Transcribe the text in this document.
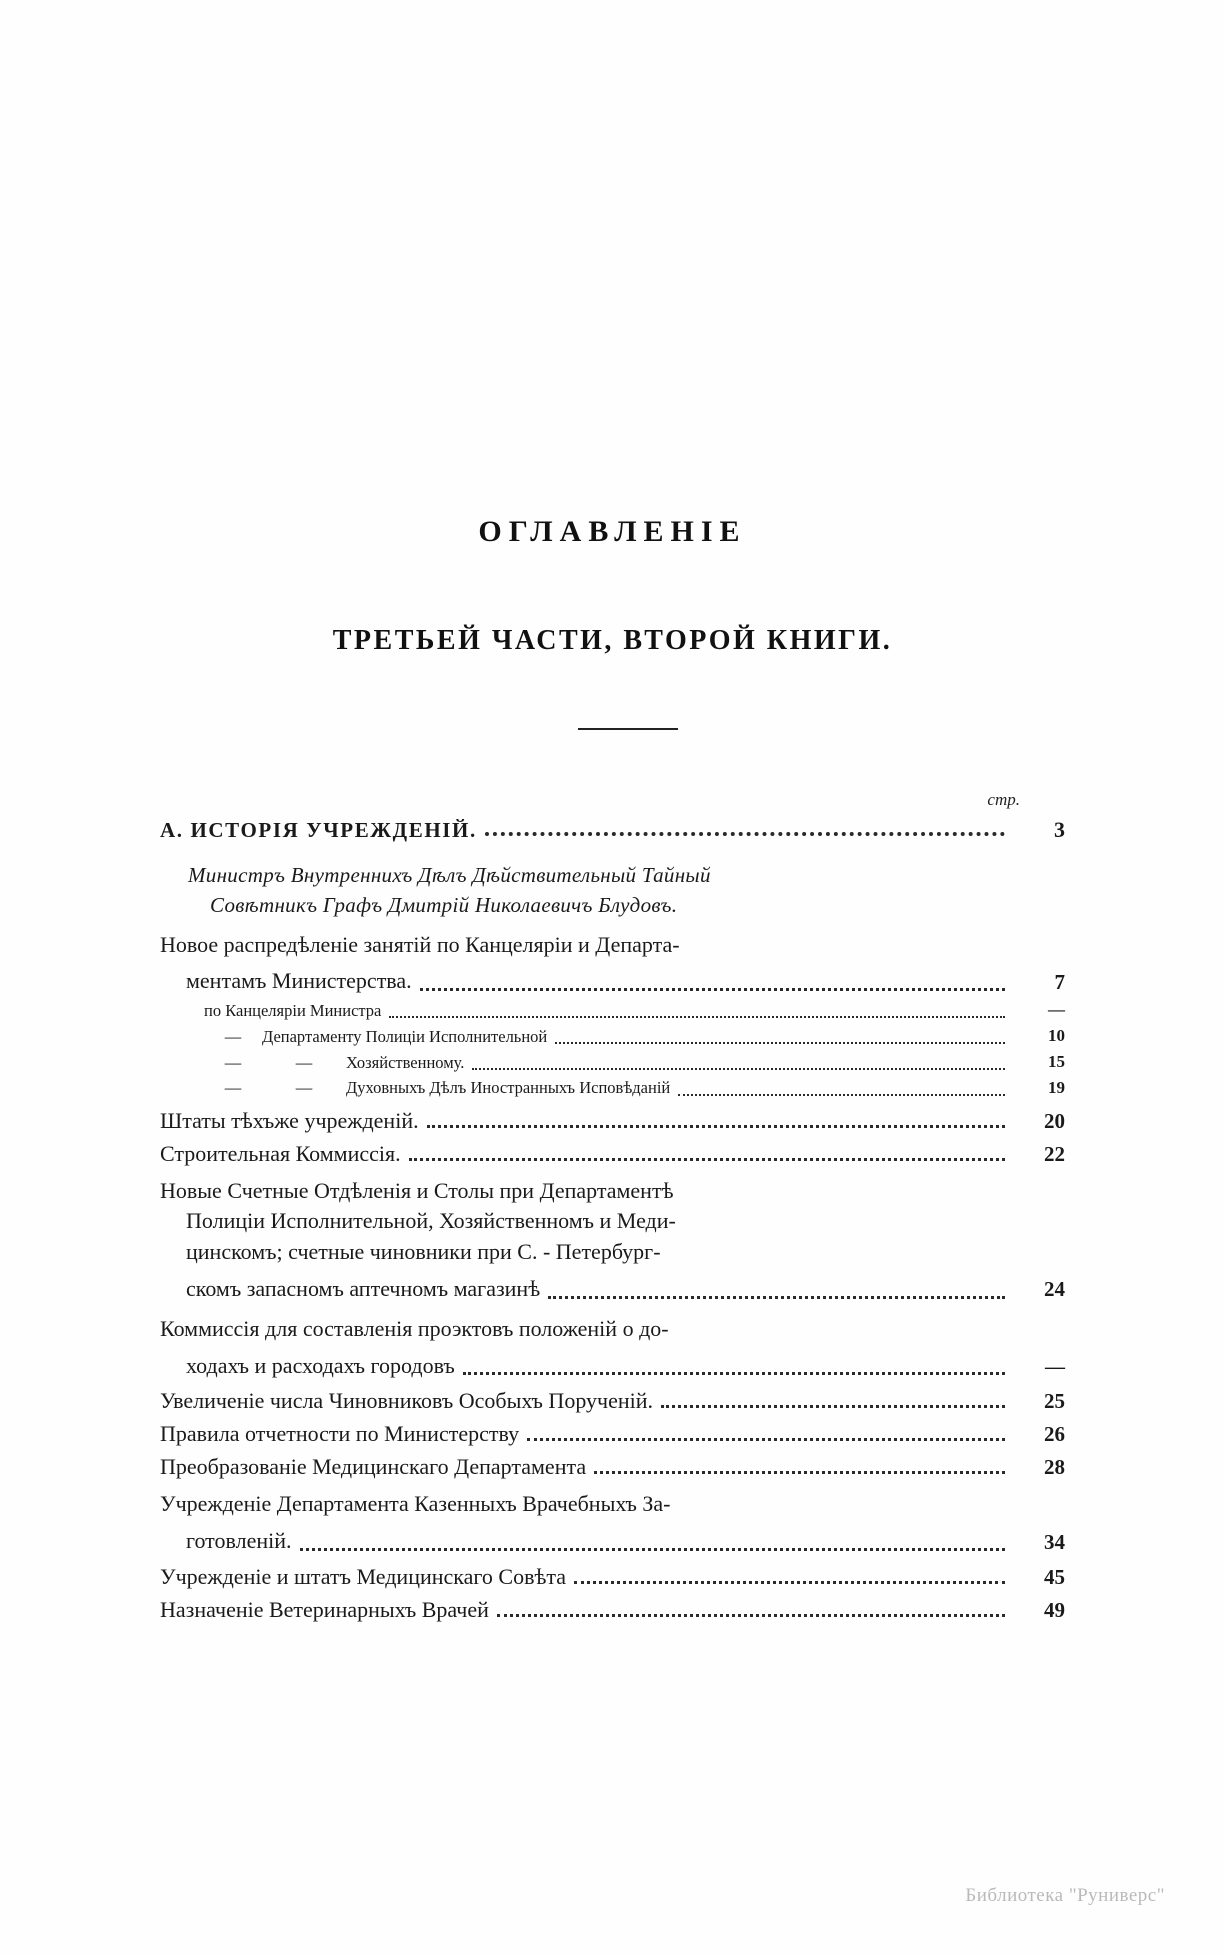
ОГЛАВЛЕНІЕ
ТРЕТЬЕЙ ЧАСТИ, ВТОРОЙ КНИГИ.
стр.
А. ИСТОРІЯ УЧРЕЖДЕНІЙ.	3
Министръ Внутреннихъ Дѣлъ Дѣйствительный Тайный
Совѣтникъ Графъ Дмитрій Николаевичъ Блудовъ.
Новое распредѣленіе занятій по Канцеляріи и Департа-
ментамъ Министерства.	7
по Канцеляріи Министра	—
—	Департаменту Полиціи Исполнительной	10
—	—	Хозяйственному.	15
—	—	Духовныхъ Дѣлъ Иностранныхъ Исповѣданій	19
Штаты тѣхъже учрежденій.	20
Строительная Коммиссія.	22
Новые Счетные Отдѣленія и Столы при Департаментѣ
Полиціи Исполнительной, Хозяйственномъ и Меди-
цинскомъ; счетные чиновники при С. - Петербург-
скомъ запасномъ аптечномъ магазинѣ	24
Коммиссія для составленія проэктовъ положеній о до-
ходахъ и расходахъ городовъ	—
Увеличеніе числа Чиновниковъ Особыхъ Порученій.	25
Правила отчетности по Министерству	26
Преобразованіе Медицинскаго Департамента	28
Учрежденіе Департамента Казенныхъ Врачебныхъ За-
готовленій.	34
Учрежденіе и штатъ Медицинскаго Совѣта	45
Назначеніе Ветеринарныхъ Врачей	49
Библиотека "Руниверс"
